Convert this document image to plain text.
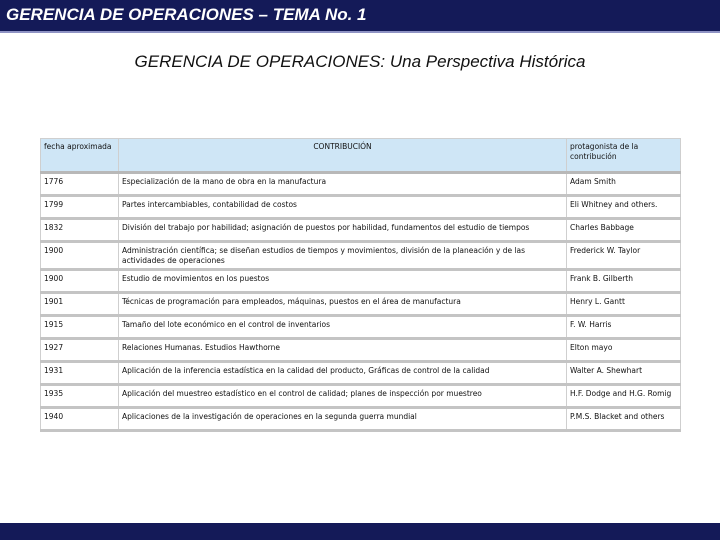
GERENCIA DE OPERACIONES – TEMA No. 1
GERENCIA DE OPERACIONES: Una Perspectiva Histórica
fecha aproximada	CONTRIBUCIÓN	protagonista de la contribución
1776	Especialización de la mano de obra en la manufactura	Adam Smith
1799	Partes intercambiables, contabilidad de costos	Eli Whitney and others.
1832	División del trabajo por habilidad; asignación de puestos por habilidad, fundamentos del estudio de tiempos	Charles Babbage
1900	Administración científica; se diseñan estudios de tiempos y movimientos, división de la planeación y de las actividades de operaciones	Frederick W. Taylor
1900	Estudio de movimientos en los puestos	Frank B. Gilberth
1901	Técnicas de programación para empleados, máquinas, puestos en el área de manufactura	Henry L. Gantt
1915	Tamaño del lote económico en el control de inventarios	F. W. Harris
1927	Relaciones Humanas. Estudios Hawthorne	Elton mayo
1931	Aplicación de la inferencia estadística en la calidad del producto, Gráficas de control de la calidad	Walter A. Shewhart
1935	Aplicación del muestreo estadístico en el control de calidad; planes de inspección por muestreo	H.F. Dodge and H.G. Romig
1940	Aplicaciones de la investigación de operaciones en la segunda guerra mundial	P.M.S. Blacket and others
